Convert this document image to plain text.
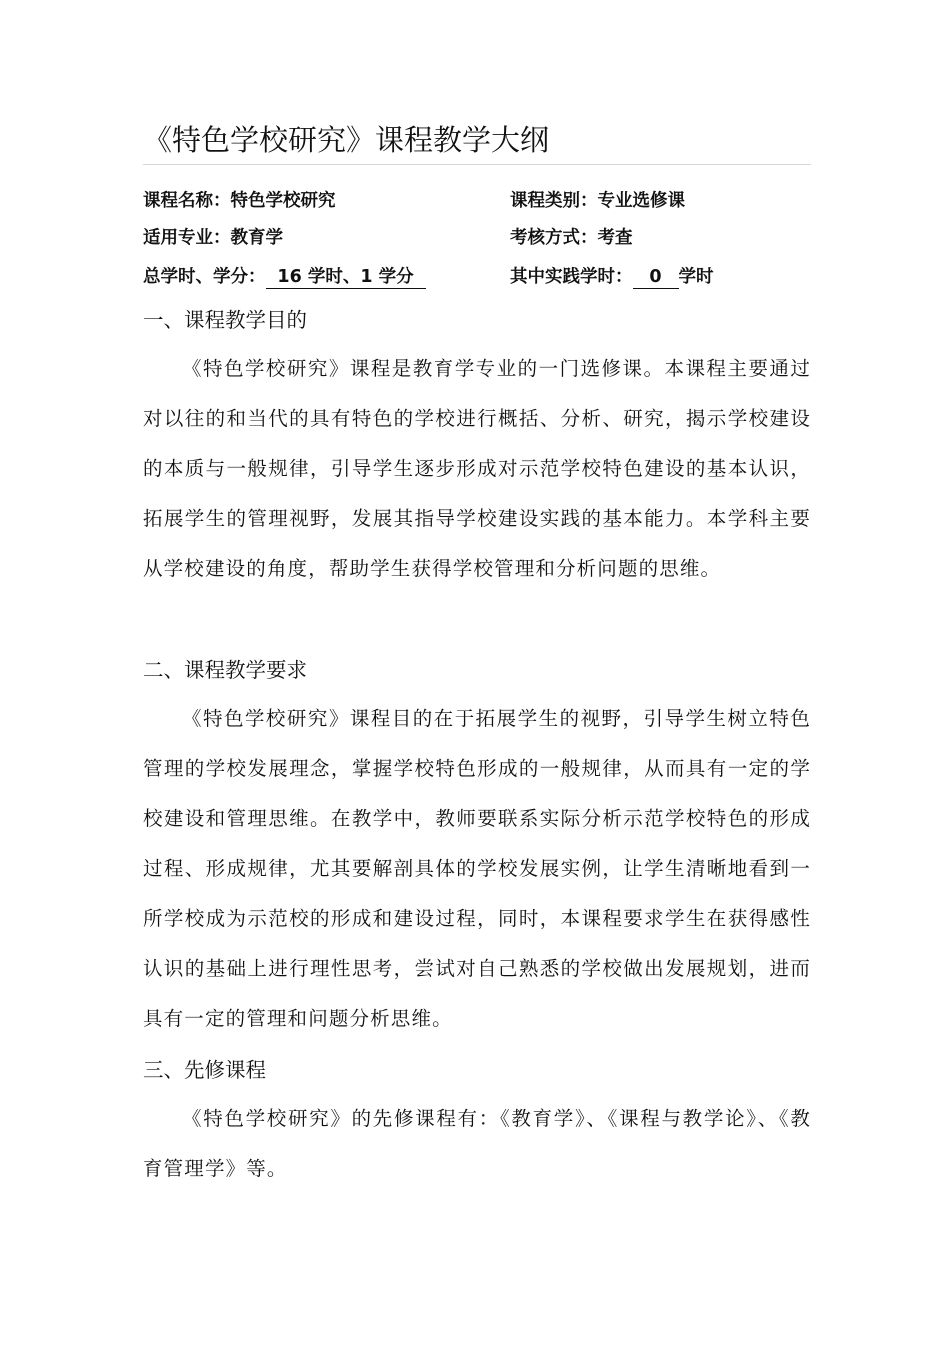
《特色学校研究》课程教学大纲
课程名称：特色学校研究	课程类别：专业选修课
适用专业：教育学	考核方式：考查
总学时、学分： 16 学时、1 学分	其中实践学时： 0 学时
一、课程教学目的

《特色学校研究》课程是教育学专业的一门选修课。本课程主要通过对以往的和当代的具有特色的学校进行概括、分析、研究，揭示学校建设的本质与一般规律，引导学生逐步形成对示范学校特色建设的基本认识，拓展学生的管理视野，发展其指导学校建设实践的基本能力。本学科主要从学校建设的角度，帮助学生获得学校管理和分析问题的思维。

二、课程教学要求

《特色学校研究》课程目的在于拓展学生的视野，引导学生树立特色管理的学校发展理念，掌握学校特色形成的一般规律，从而具有一定的学校建设和管理思维。在教学中，教师要联系实际分析示范学校特色的形成过程、形成规律，尤其要解剖具体的学校发展实例，让学生清晰地看到一所学校成为示范校的形成和建设过程，同时，本课程要求学生在获得感性认识的基础上进行理性思考，尝试对自己熟悉的学校做出发展规划，进而具有一定的管理和问题分析思维。

三、先修课程

《特色学校研究》的先修课程有：《教育学》、《课程与教学论》、《教育管理学》等。
